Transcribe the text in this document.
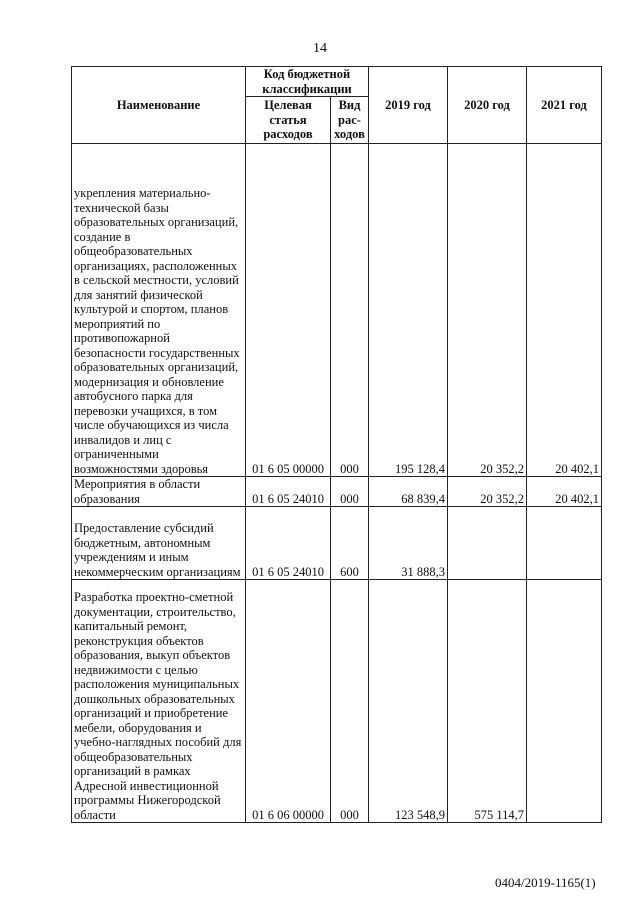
14
Наименование	Код бюджетной классификации		2019 год	2020 год	2021 год
	Целевая статья расходов	Вид рас- ходов			
укрепления материально-технической базы образовательных организаций, создание в общеобразовательных организациях, расположенных в сельской местности, условий для занятий физической культурой и спортом, планов мероприятий по противопожарной безопасности государственных образовательных организаций, модернизация и обновление автобусного парка для перевозки учащихся, в том числе обучающихся из числа инвалидов и лиц с ограниченными возможностями здоровья	01 6 05 00000	000	195 128,4	20 352,2	20 402,1
Мероприятия в области образования	01 6 05 24010	000	68 839,4	20 352,2	20 402,1
Предоставление субсидий бюджетным, автономным учреждениям и иным некоммерческим организациям	01 6 05 24010	600	31 888,3		
Разработка проектно-сметной документации, строительство, капитальный ремонт, реконструкция объектов образования, выкуп объектов недвижимости с целью расположения муниципальных дошкольных образовательных организаций и приобретение мебели, оборудования и учебно-наглядных пособий для общеобразовательных организаций в рамках Адресной инвестиционной программы Нижегородской области	01 6 06 00000	000	123 548,9	575 114,7	
0404/2019-1165(1)
